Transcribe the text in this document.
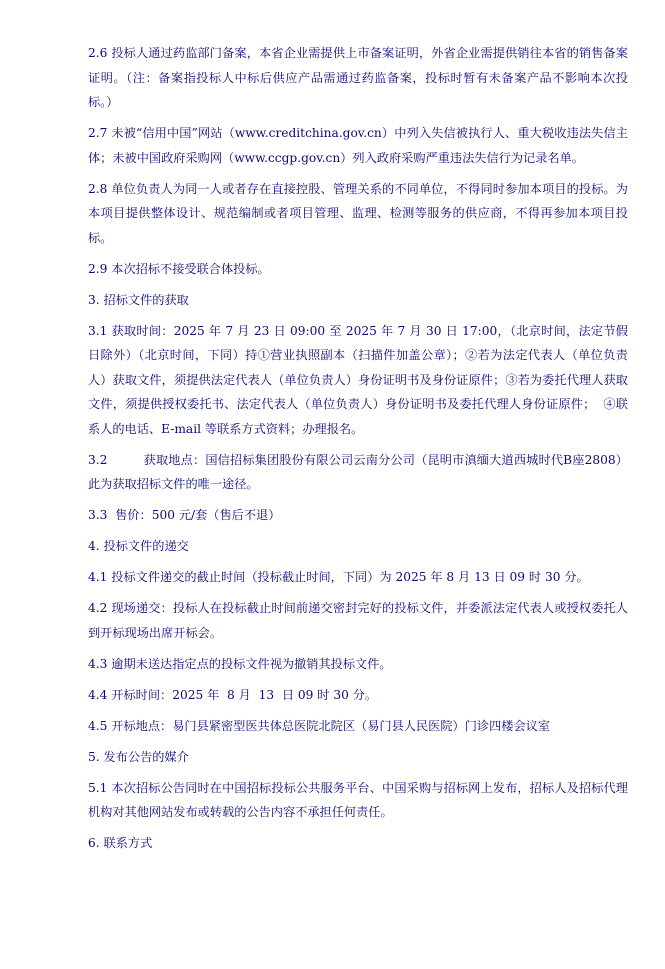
2.6 投标人通过药监部门备案，本省企业需提供上市备案证明，外省企业需提供销往本省的销售备案证明。（注：备案指投标人中标后供应产品需通过药监备案，投标时暂有未备案产品不影响本次投标。）

2.7 未被“信用中国”网站（www.creditchina.gov.cn）中列入失信被执行人、重大税收违法失信主体；未被中国政府采购网（www.ccgp.gov.cn）列入政府采购严重违法失信行为记录名单。

2.8 单位负责人为同一人或者存在直接控股、管理关系的不同单位，不得同时参加本项目的投标。为本项目提供整体设计、规范编制或者项目管理、监理、检测等服务的供应商，不得再参加本项目投标。

2.9 本次招标不接受联合体投标。

3. 招标文件的获取

3.1 获取时间：2025 年 7 月 23 日 09:00 至 2025 年 7 月 30 日 17:00，（北京时间，法定节假日除外）（北京时间，下同）持①营业执照副本（扫描件加盖公章）；②若为法定代表人（单位负责人）获取文件，须提供法定代表人（单位负责人）身份证明书及身份证原件；③若为委托代理人获取文件，须提供授权委托书、法定代表人（单位负责人）身份证明书及委托代理人身份证原件；  ④联系人的电话、E-mail 等联系方式资料；办理报名。

3.2         获取地点：国信招标集团股份有限公司云南分公司（昆明市滇缅大道西城时代B座2808）此为获取招标文件的唯一途径。

3.3  售价：500 元/套（售后不退）

4. 投标文件的递交

4.1 投标文件递交的截止时间（投标截止时间，下同）为 2025 年 8 月 13 日 09 时 30 分。

4.2 现场递交：投标人在投标截止时间前递交密封完好的投标文件，并委派法定代表人或授权委托人到开标现场出席开标会。

4.3 逾期未送达指定点的投标文件视为撤销其投标文件。

4.4 开标时间：2025 年  8 月  13  日 09 时 30 分。

4.5 开标地点：易门县紧密型医共体总医院北院区（易门县人民医院）门诊四楼会议室

5. 发布公告的媒介

5.1 本次招标公告同时在中国招标投标公共服务平台、中国采购与招标网上发布，招标人及招标代理机构对其他网站发布或转载的公告内容不承担任何责任。

6. 联系方式
